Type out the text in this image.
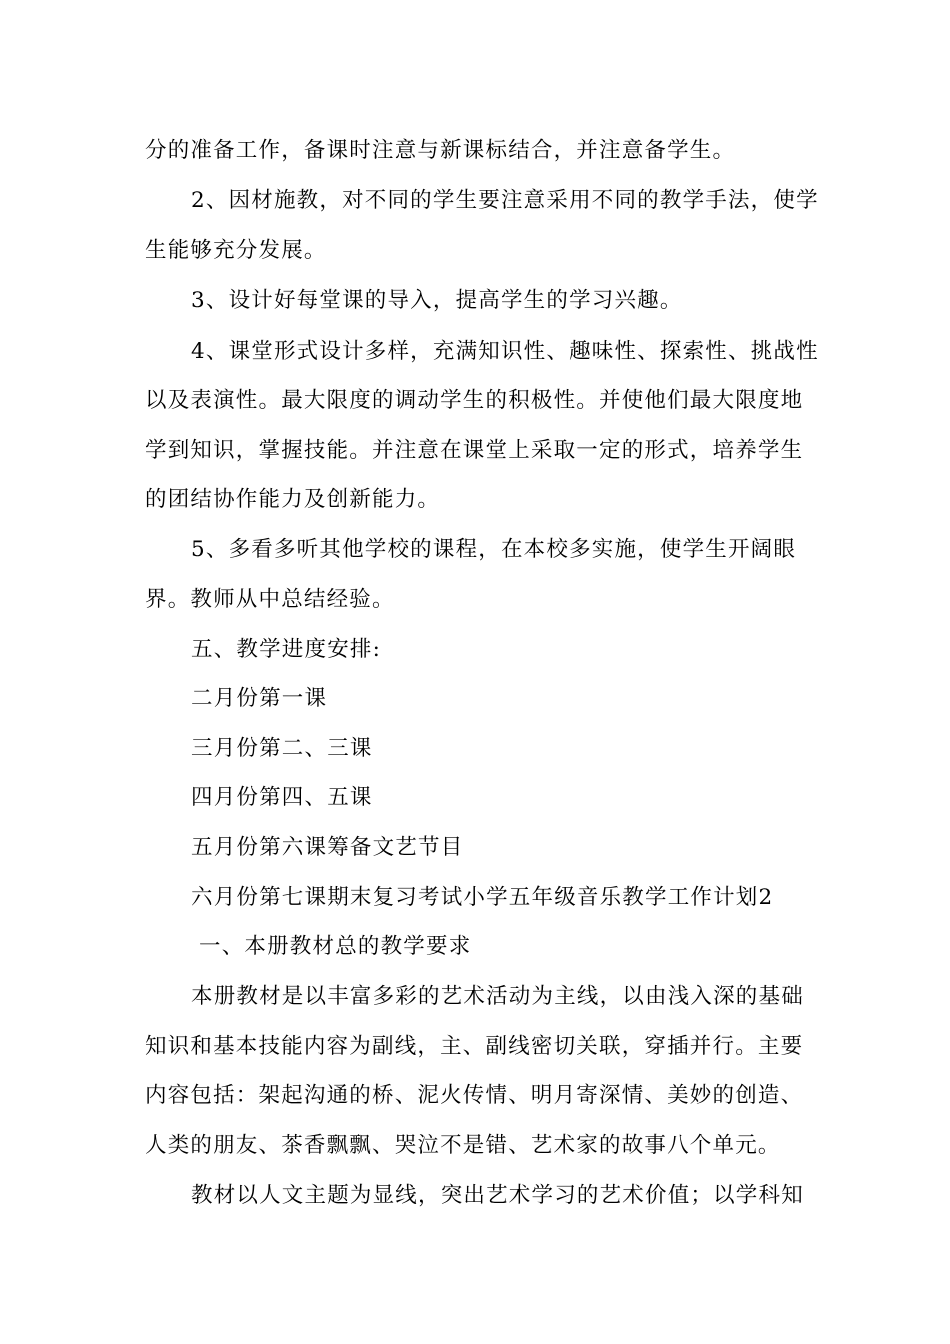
分的准备工作，备课时注意与新课标结合，并注意备学生。
2、因材施教，对不同的学生要注意采用不同的教学手法，使学
生能够充分发展。
3、设计好每堂课的导入，提高学生的学习兴趣。
4、课堂形式设计多样，充满知识性、趣味性、探索性、挑战性
以及表演性。最大限度的调动学生的积极性。并使他们最大限度地
学到知识，掌握技能。并注意在课堂上采取一定的形式，培养学生
的团结协作能力及创新能力。
5、多看多听其他学校的课程，在本校多实施，使学生开阔眼
界。教师从中总结经验。
五、教学进度安排:
二月份第一课
三月份第二、三课
四月份第四、五课
五月份第六课筹备文艺节目
六月份第七课期末复习考试小学五年级音乐教学工作计划2
一、本册教材总的教学要求
本册教材是以丰富多彩的艺术活动为主线，以由浅入深的基础
知识和基本技能内容为副线，主、副线密切关联，穿插并行。主要
内容包括：架起沟通的桥、泥火传情、明月寄深情、美妙的创造、
人类的朋友、茶香飘飘、哭泣不是错、艺术家的故事八个单元。
教材以人文主题为显线，突出艺术学习的艺术价值；以学科知
